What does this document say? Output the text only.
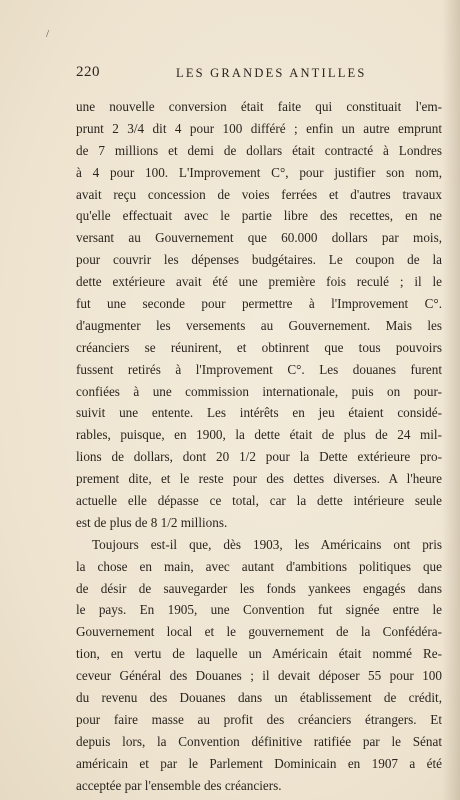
/
220	LES GRANDES ANTILLES
une nouvelle conversion était faite qui constituait l'em-
prunt 2 3/4 dit 4 pour 100 différé ; enfin un autre emprunt
de 7 millions et demi de dollars était contracté à Londres
à 4 pour 100. L'Improvement C°, pour justifier son nom,
avait reçu concession de voies ferrées et d'autres travaux
qu'elle effectuait avec le partie libre des recettes, en ne
versant au Gouvernement que 60.000 dollars par mois,
pour couvrir les dépenses budgétaires. Le coupon de la
dette extérieure avait été une première fois reculé ; il le
fut une seconde pour permettre à l'Improvement C°.
d'augmenter les versements au Gouvernement. Mais les
créanciers se réunirent, et obtinrent que tous pouvoirs
fussent retirés à l'Improvement C°. Les douanes furent
confiées à une commission internationale, puis on pour-
suivit une entente. Les intérêts en jeu étaient considé-
rables, puisque, en 1900, la dette était de plus de 24 mil-
lions de dollars, dont 20 1/2 pour la Dette extérieure pro-
prement dite, et le reste pour des dettes diverses. A l'heure
actuelle elle dépasse ce total, car la dette intérieure seule
est de plus de 8 1/2 millions.
Toujours est-il que, dès 1903, les Américains ont pris
la chose en main, avec autant d'ambitions politiques que
de désir de sauvegarder les fonds yankees engagés dans
le pays. En 1905, une Convention fut signée entre le
Gouvernement local et le gouvernement de la Confédéra-
tion, en vertu de laquelle un Américain était nommé Re-
ceveur Général des Douanes ; il devait déposer 55 pour 100
du revenu des Douanes dans un établissement de crédit,
pour faire masse au profit des créanciers étrangers. Et
depuis lors, la Convention définitive ratifiée par le Sénat
américain et par le Parlement Dominicain en 1907 a été
acceptée par l'ensemble des créanciers.
